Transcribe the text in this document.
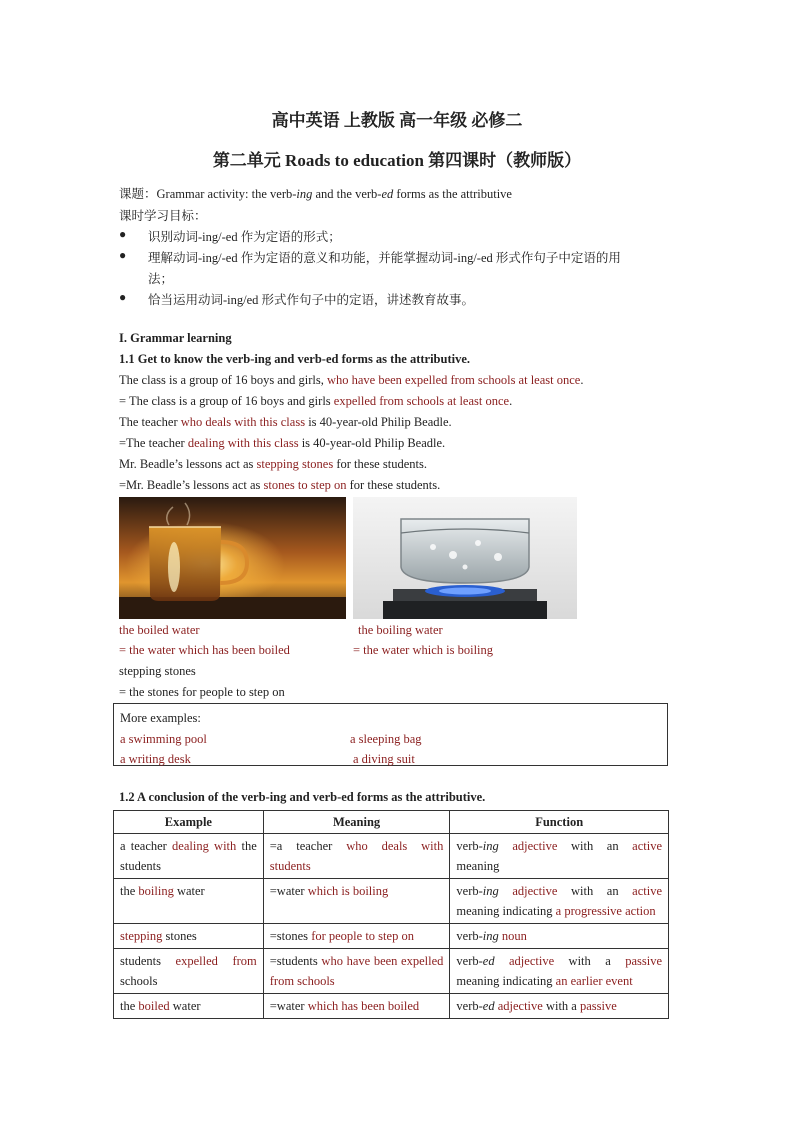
高中英语 上教版 高一年级 必修二
第二单元 Roads to education 第四课时（教师版）
课题：Grammar activity: the verb-ing and the verb-ed forms as the attributive
课时学习目标：
● 识别动词-ing/-ed 作为定语的形式；
● 理解动词-ing/-ed 作为定语的意义和功能，并能掌握动词-ing/-ed 形式作句子中定语的用
法；
● 恰当运用动词-ing/ed 形式作句子中的定语，讲述教育故事。
I. Grammar learning
1.1 Get to know the verb-ing and verb-ed forms as the attributive.
The class is a group of 16 boys and girls, who have been expelled from schools at least once.
= The class is a group of 16 boys and girls expelled from schools at least once.
The teacher who deals with this class is 40-year-old Philip Beadle.
=The teacher dealing with this class is 40-year-old Philip Beadle.
Mr. Beadle’s lessons act as stepping stones for these students.
=Mr. Beadle’s lessons act as stones to step on for these students.
the boiled water	the boiling water
= the water which has been boiled	= the water which is boiling
stepping stones
= the stones for people to step on
More examples:
a swimming pool	a sleeping bag
a writing desk	a diving suit
1.2 A conclusion of the verb-ing and verb-ed forms as the attributive.
Example	Meaning	Function
a teacher dealing with the students	=a teacher who deals with students	verb-ing adjective with an active meaning
the boiling water	=water which is boiling	verb-ing adjective with an active meaning indicating a progressive action
stepping stones	=stones for people to step on	verb-ing noun
students expelled from schools	=students who have been expelled from schools	verb-ed adjective with a passive meaning indicating an earlier event
the boiled water	=water which has been boiled	verb-ed adjective with a passive
